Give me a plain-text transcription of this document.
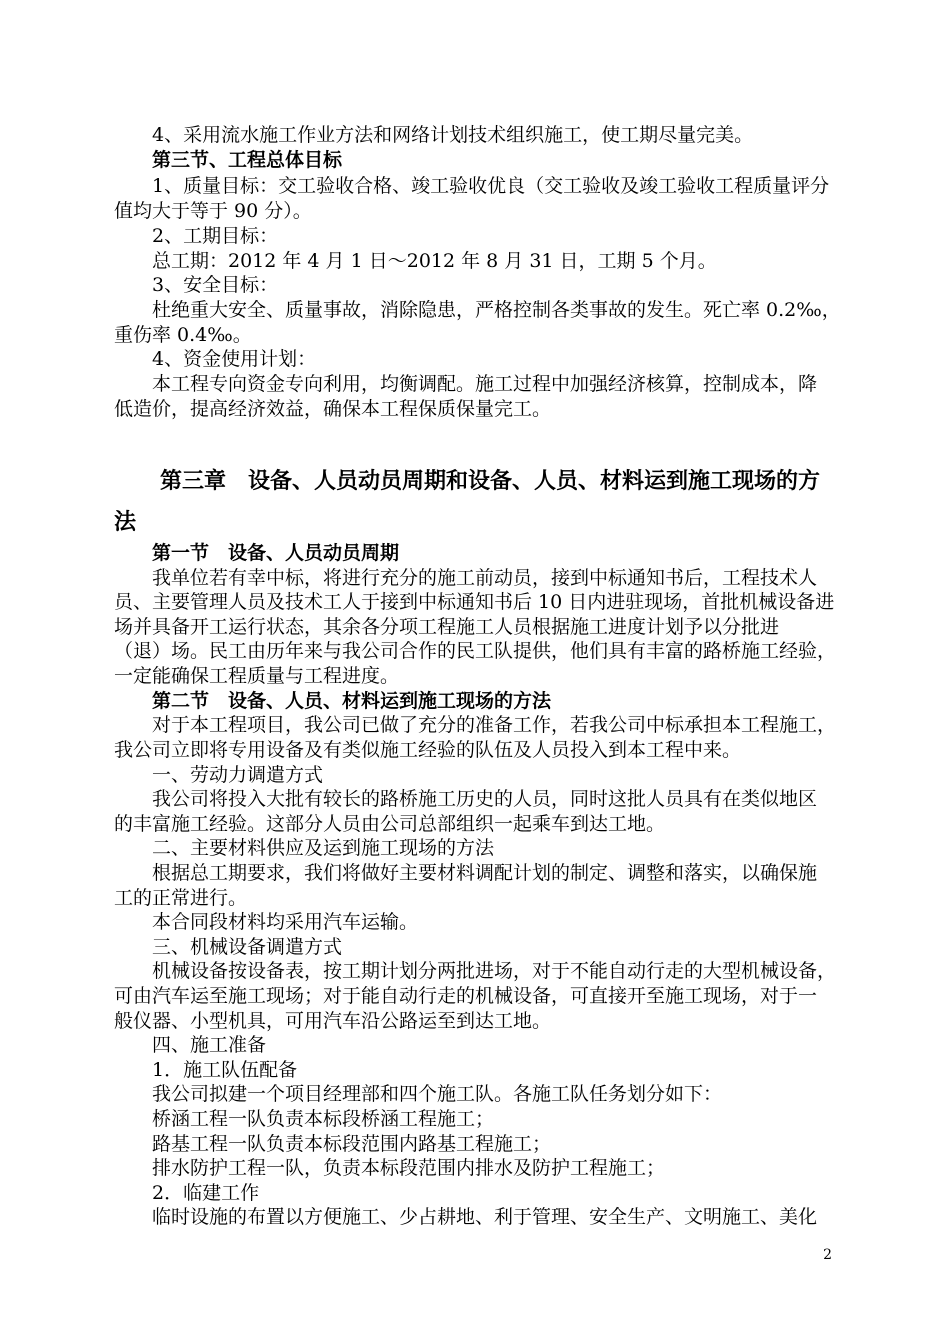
第三章　设备、人员动员周期和设备、人员、材料运到施工现场的方
法
2
4、采用流水施工作业方法和网络计划技术组织施工，使工期尽量完美。
第三节、工程总体目标
1、质量目标：交工验收合格、竣工验收优良（交工验收及竣工验收工程质量评分
值均大于等于 90 分）。
2、工期目标：
总工期：2012 年 4 月 1 日～2012 年 8 月 31 日，工期 5 个月。
3、安全目标：
杜绝重大安全、质量事故，消除隐患，严格控制各类事故的发生。死亡率 0.2‰，
重伤率 0.4‰。
4、资金使用计划：
本工程专向资金专向利用，均衡调配。施工过程中加强经济核算，控制成本，降
低造价，提高经济效益，确保本工程保质保量完工。
第一节　设备、人员动员周期
我单位若有幸中标，将进行充分的施工前动员，接到中标通知书后，工程技术人
员、主要管理人员及技术工人于接到中标通知书后 10 日内进驻现场，首批机械设备进
场并具备开工运行状态，其余各分项工程施工人员根据施工进度计划予以分批进
（退）场。民工由历年来与我公司合作的民工队提供，他们具有丰富的路桥施工经验，
一定能确保工程质量与工程进度。
第二节　设备、人员、材料运到施工现场的方法
对于本工程项目，我公司已做了充分的准备工作，若我公司中标承担本工程施工，
我公司立即将专用设备及有类似施工经验的队伍及人员投入到本工程中来。
一、劳动力调遣方式
我公司将投入大批有较长的路桥施工历史的人员，同时这批人员具有在类似地区
的丰富施工经验。这部分人员由公司总部组织一起乘车到达工地。
二、主要材料供应及运到施工现场的方法
根据总工期要求，我们将做好主要材料调配计划的制定、调整和落实，以确保施
工的正常进行。
本合同段材料均采用汽车运输。
三、机械设备调遣方式
机械设备按设备表，按工期计划分两批进场，对于不能自动行走的大型机械设备，
可由汽车运至施工现场；对于能自动行走的机械设备，可直接开至施工现场，对于一
般仪器、小型机具，可用汽车沿公路运至到达工地。
四、施工准备
1．施工队伍配备
我公司拟建一个项目经理部和四个施工队。各施工队任务划分如下：
桥涵工程一队负责本标段桥涵工程施工；
路基工程一队负责本标段范围内路基工程施工；
排水防护工程一队，负责本标段范围内排水及防护工程施工；
2．临建工作
临时设施的布置以方便施工、少占耕地、利于管理、安全生产、文明施工、美化
